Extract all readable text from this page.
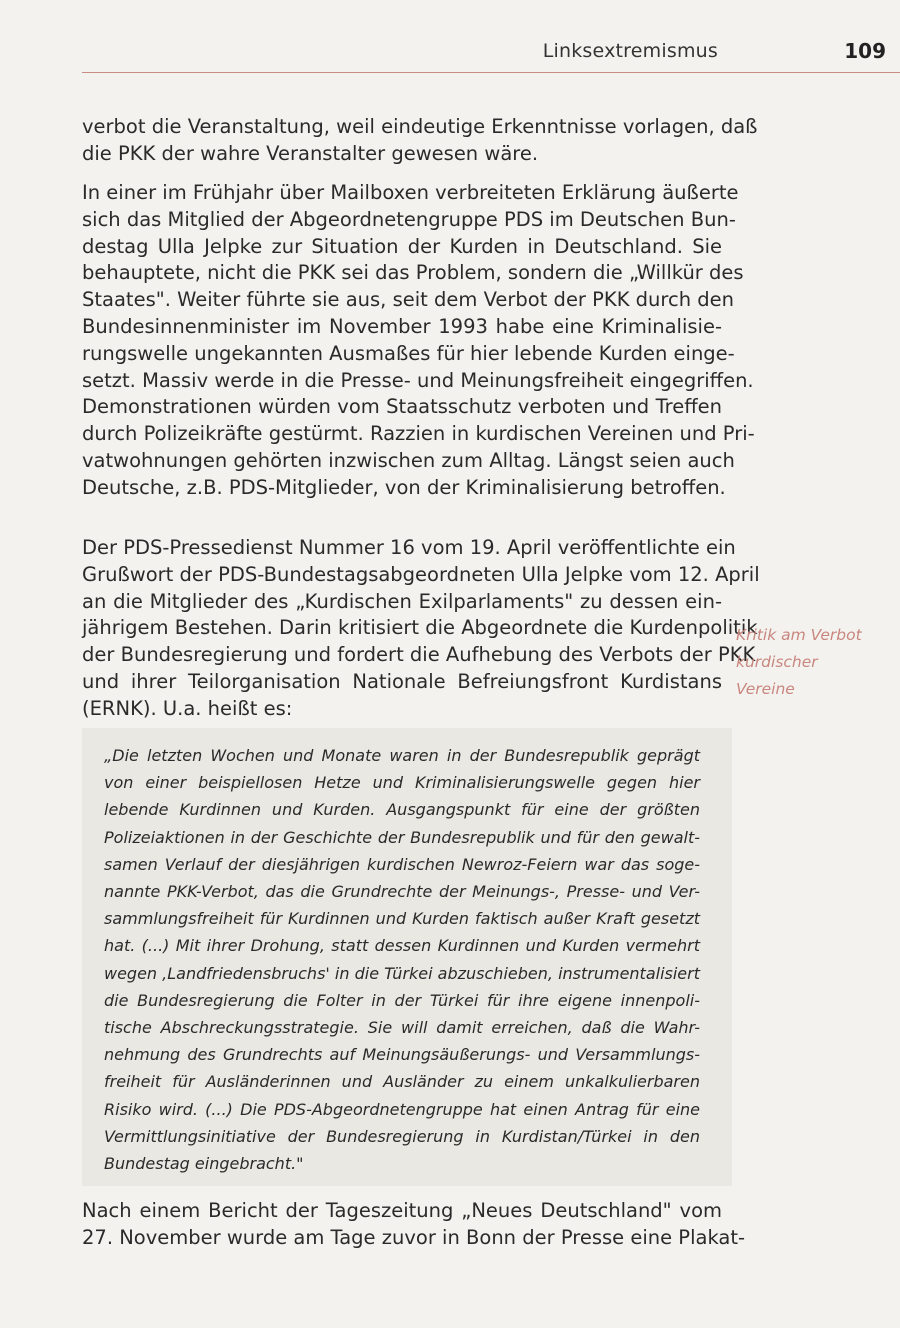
Linksextremismus	109

verbot die Veranstaltung, weil eindeutige Erkenntnisse vorlagen, daß
die PKK der wahre Veranstalter gewesen wäre.

In einer im Frühjahr über Mailboxen verbreiteten Erklärung äußerte
sich das Mitglied der Abgeordnetengruppe PDS im Deutschen Bun-
destag Ulla Jelpke zur Situation der Kurden in Deutschland. Sie
behauptete, nicht die PKK sei das Problem, sondern die „Willkür des
Staates". Weiter führte sie aus, seit dem Verbot der PKK durch den
Bundesinnenminister im November 1993 habe eine Kriminalisie-
rungswelle ungekannten Ausmaßes für hier lebende Kurden einge-
setzt. Massiv werde in die Presse- und Meinungsfreiheit eingegriffen.
Demonstrationen würden vom Staatsschutz verboten und Treffen
durch Polizeikräfte gestürmt. Razzien in kurdischen Vereinen und Pri-
vatwohnungen gehörten inzwischen zum Alltag. Längst seien auch
Deutsche, z.B. PDS-Mitglieder, von der Kriminalisierung betroffen.

Der PDS-Pressedienst Nummer 16 vom 19. April veröffentlichte ein
Grußwort der PDS-Bundestagsabgeordneten Ulla Jelpke vom 12. April
an die Mitglieder des „Kurdischen Exilparlaments" zu dessen ein-
jährigem Bestehen. Darin kritisiert die Abgeordnete die Kurdenpolitik
der Bundesregierung und fordert die Aufhebung des Verbots der PKK
und ihrer Teilorganisation Nationale Befreiungsfront Kurdistans
(ERNK). U.a. heißt es:

Kritik am Verbot
kurdischer
Vereine

„Die letzten Wochen und Monate waren in der Bundesrepublik geprägt
von einer beispiellosen Hetze und Kriminalisierungswelle gegen hier
lebende Kurdinnen und Kurden. Ausgangspunkt für eine der größten
Polizeiaktionen in der Geschichte der Bundesrepublik und für den gewalt-
samen Verlauf der diesjährigen kurdischen Newroz-Feiern war das soge-
nannte PKK-Verbot, das die Grundrechte der Meinungs-, Presse- und Ver-
sammlungsfreiheit für Kurdinnen und Kurden faktisch außer Kraft gesetzt
hat. (...) Mit ihrer Drohung, statt dessen Kurdinnen und Kurden vermehrt
wegen ‚Landfriedensbruchs' in die Türkei abzuschieben, instrumentalisiert
die Bundesregierung die Folter in der Türkei für ihre eigene innenpoli-
tische Abschreckungsstrategie. Sie will damit erreichen, daß die Wahr-
nehmung des Grundrechts auf Meinungsäußerungs- und Versammlungs-
freiheit für Ausländerinnen und Ausländer zu einem unkalkulierbaren
Risiko wird. (...) Die PDS-Abgeordnetengruppe hat einen Antrag für eine
Vermittlungsinitiative der Bundesregierung in Kurdistan/Türkei in den
Bundestag eingebracht."

Nach einem Bericht der Tageszeitung „Neues Deutschland" vom
27. November wurde am Tage zuvor in Bonn der Presse eine Plakat-
